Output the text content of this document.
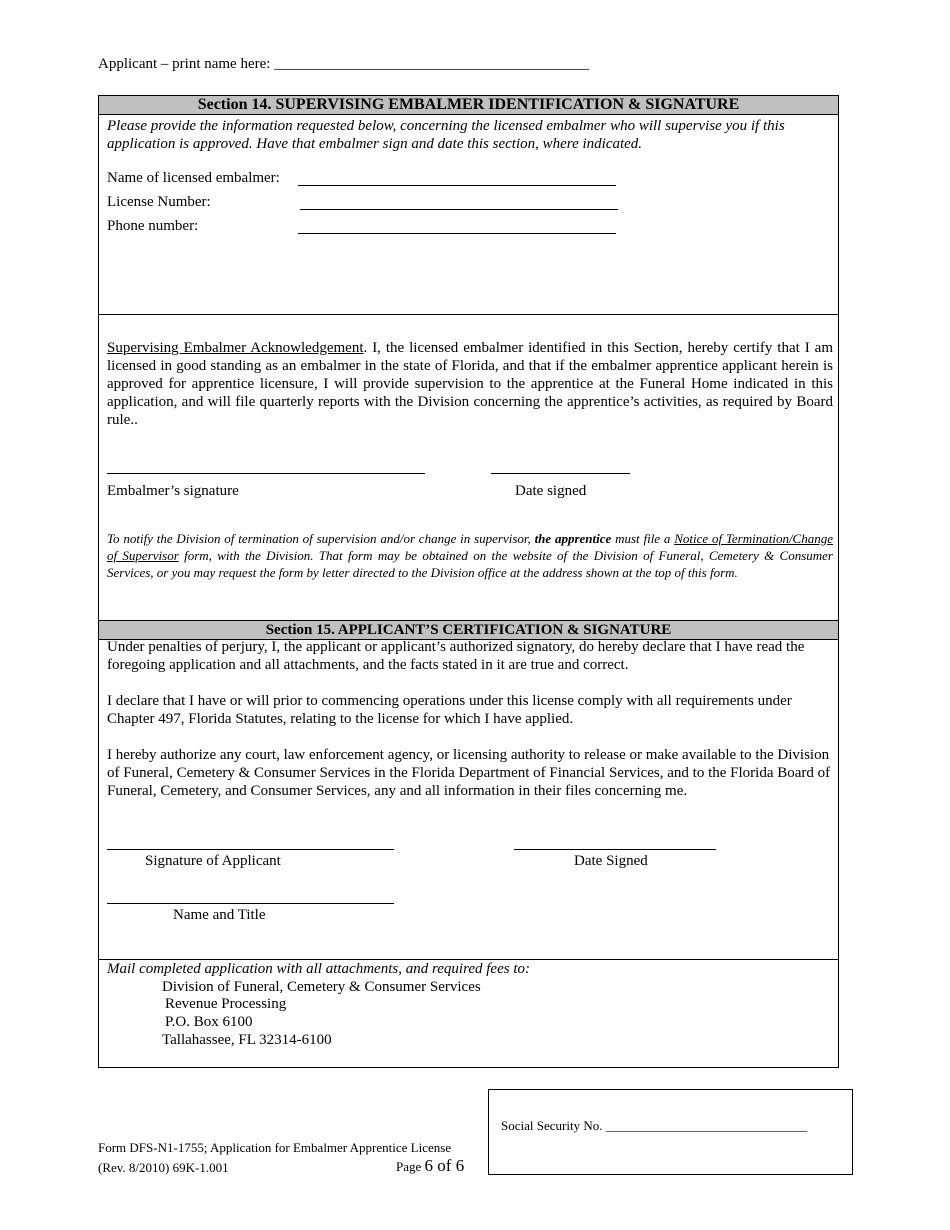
Applicant – print name here: __________________________________________
Section 14. SUPERVISING EMBALMER IDENTIFICATION & SIGNATURE
Please provide the information requested below, concerning the licensed embalmer who will supervise you if this application is approved. Have that embalmer sign and date this section, where indicated.
Name of licensed embalmer:
License Number:
Phone number:
Supervising Embalmer Acknowledgement. I, the licensed embalmer identified in this Section, hereby certify that I am licensed in good standing as an embalmer in the state of Florida, and that if the embalmer apprentice applicant herein is approved for apprentice licensure, I will provide supervision to the apprentice at the Funeral Home indicated in this application, and will file quarterly reports with the Division concerning the apprentice’s activities, as required by Board rule..
Embalmer’s signature	Date signed
To notify the Division of termination of supervision and/or change in supervisor, the apprentice must file a Notice of Termination/Change of Supervisor form, with the Division. That form may be obtained on the website of the Division of Funeral, Cemetery & Consumer Services, or you may request the form by letter directed to the Division office at the address shown at the top of this form.
Section 15. APPLICANT’S CERTIFICATION & SIGNATURE
Under penalties of perjury, I, the applicant or applicant’s authorized signatory, do hereby declare that I have read the foregoing application and all attachments, and the facts stated in it are true and correct.
I declare that I have or will prior to commencing operations under this license comply with all requirements under Chapter 497, Florida Statutes, relating to the license for which I have applied.
I hereby authorize any court, law enforcement agency, or licensing authority to release or make available to the Division of Funeral, Cemetery & Consumer Services in the Florida Department of Financial Services, and to the Florida Board of Funeral, Cemetery, and Consumer Services, any and all information in their files concerning me.
Signature of Applicant	Date Signed
Name and Title
Mail completed application with all attachments, and required fees to:
Division of Funeral, Cemetery & Consumer Services
Revenue Processing
P.O. Box 6100
Tallahassee, FL 32314-6100
Form DFS-N1-1755; Application for Embalmer Apprentice License
(Rev. 8/2010) 69K-1.001	Page 6 of 6
Social Security No. _______________________________
